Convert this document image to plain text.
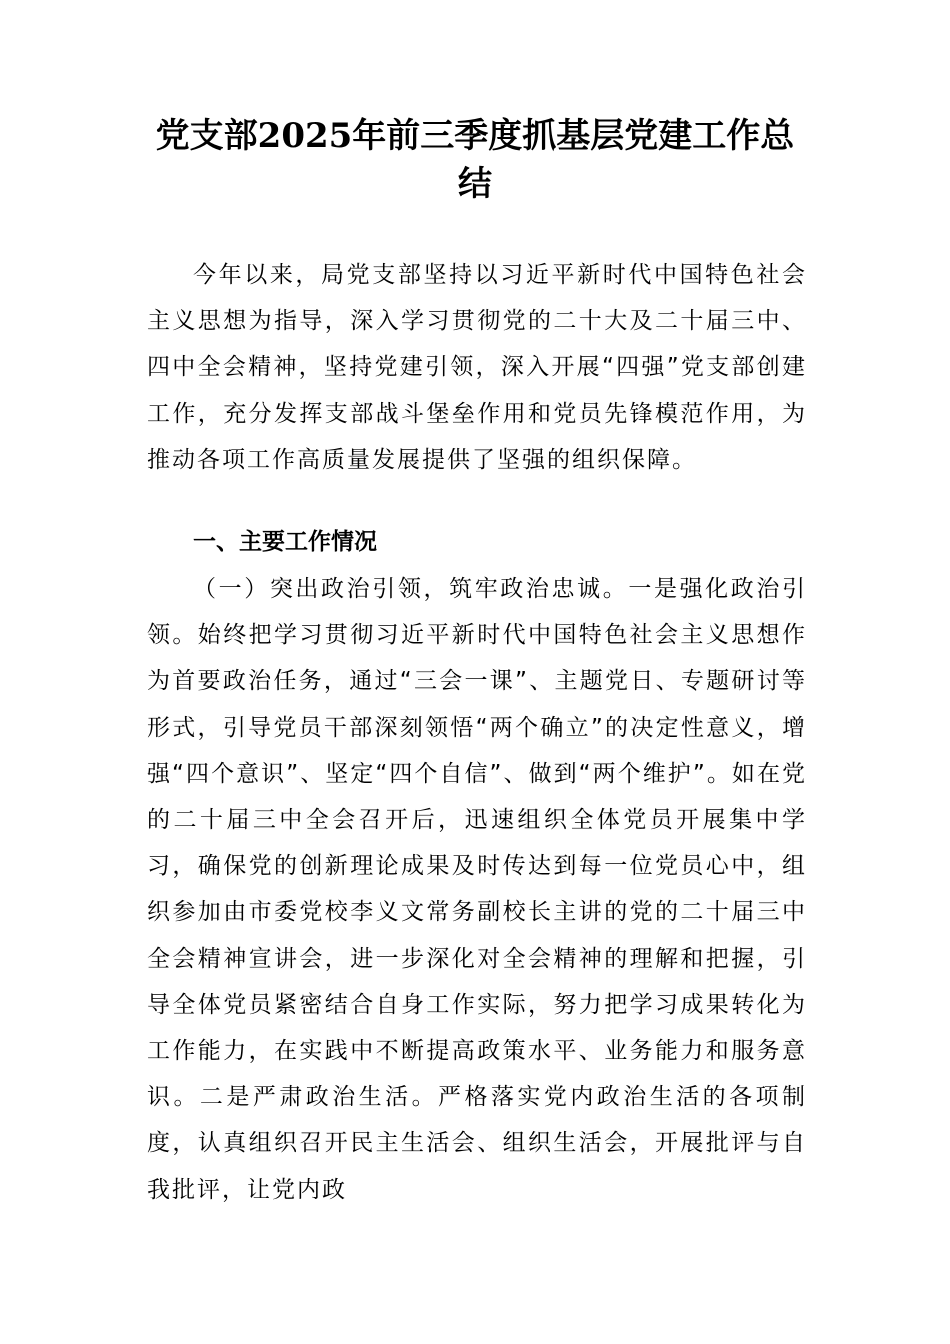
党支部2025年前三季度抓基层党建工作总结

今年以来，局党支部坚持以习近平新时代中国特色社会主义思想为指导，深入学习贯彻党的二十大及二十届三中、四中全会精神，坚持党建引领，深入开展“四强”党支部创建工作，充分发挥支部战斗堡垒作用和党员先锋模范作用，为推动各项工作高质量发展提供了坚强的组织保障。

一、主要工作情况

（一）突出政治引领，筑牢政治忠诚。一是强化政治引领。始终把学习贯彻习近平新时代中国特色社会主义思想作为首要政治任务，通过“三会一课”、主题党日、专题研讨等形式，引导党员干部深刻领悟“两个确立”的决定性意义，增强“四个意识”、坚定“四个自信”、做到“两个维护”。如在党的二十届三中全会召开后，迅速组织全体党员开展集中学习，确保党的创新理论成果及时传达到每一位党员心中，组织参加由市委党校李义文常务副校长主讲的党的二十届三中全会精神宣讲会，进一步深化对全会精神的理解和把握，引导全体党员紧密结合自身工作实际，努力把学习成果转化为工作能力，在实践中不断提高政策水平、业务能力和服务意识。二是严肃政治生活。严格落实党内政治生活的各项制度，认真组织召开民主生活会、组织生活会，开展批评与自我批评，让党内政
